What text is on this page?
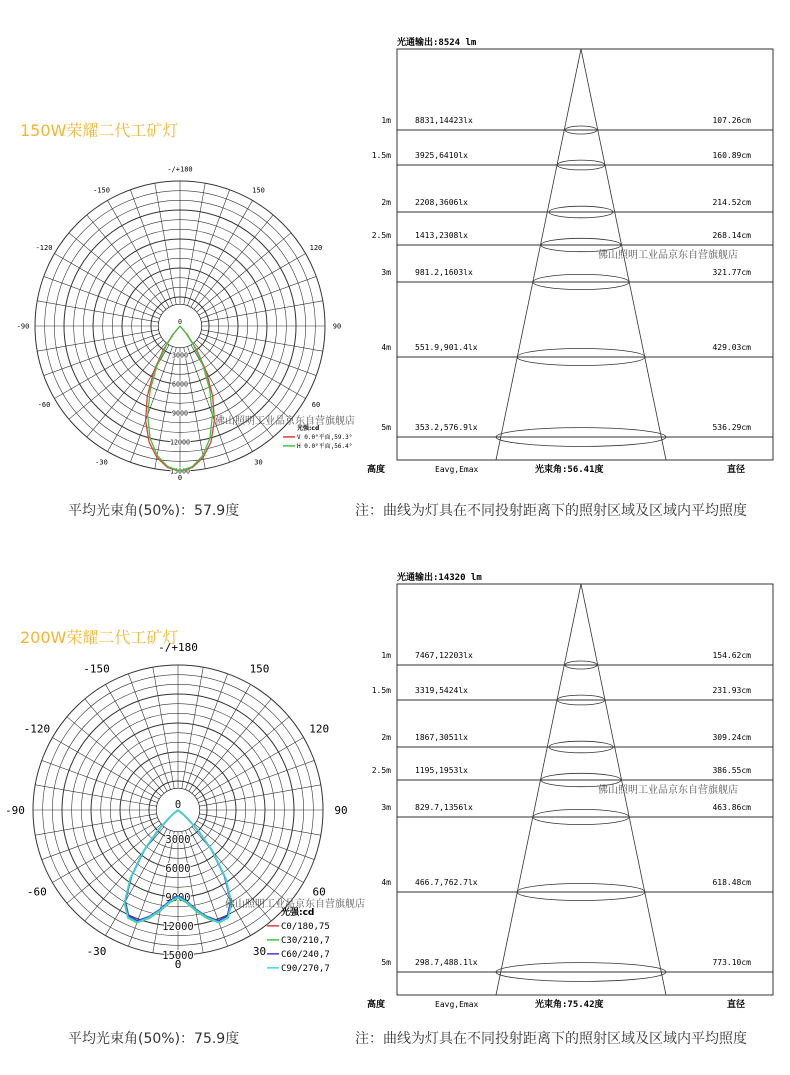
150W荣耀二代工矿灯
-/+180
-150	150
-120	120
-90	90
-60	60
-30	30
0
3000
6000
9000
12000
15000
0
光强:cd
V 0.0°平面,59.3°
H 0.0°平面,56.4°
佛山照明工业品京东自营旗舰店
光通输出:8524 lm
1m	8831,14423lx	107.26cm
1.5m	3925,6410lx	160.89cm
2m	2208,3606lx	214.52cm
2.5m	1413,2308lx	268.14cm
3m	981.2,1603lx	321.77cm
4m	551.9,901.4lx	429.03cm
5m	353.2,576.9lx	536.29cm
高度	Eavg,Emax	光束角:56.41度	直径
佛山照明工业品京东自营旗舰店
平均光束角(50%)：57.9度	注：曲线为灯具在不同投射距离下的照射区域及区域内平均照度
200W荣耀二代工矿灯
-/+180
-150	150
-120	120
-90	90
-60	60
-30	30
0
3000
6000
9000
12000
15000
0
光强:cd
C0/180,75
C30/210,7
C60/240,7
C90/270,7
佛山照明工业品京东自营旗舰店
光通输出:14320 lm
1m	7467,12203lx	154.62cm
1.5m	3319,5424lx	231.93cm
2m	1867,3051lx	309.24cm
2.5m	1195,1953lx	386.55cm
3m	829.7,1356lx	463.86cm
4m	466.7,762.7lx	618.48cm
5m	298.7,488.1lx	773.10cm
高度	Eavg,Emax	光束角:75.42度	直径
佛山照明工业品京东自营旗舰店
平均光束角(50%)：75.9度	注：曲线为灯具在不同投射距离下的照射区域及区域内平均照度
